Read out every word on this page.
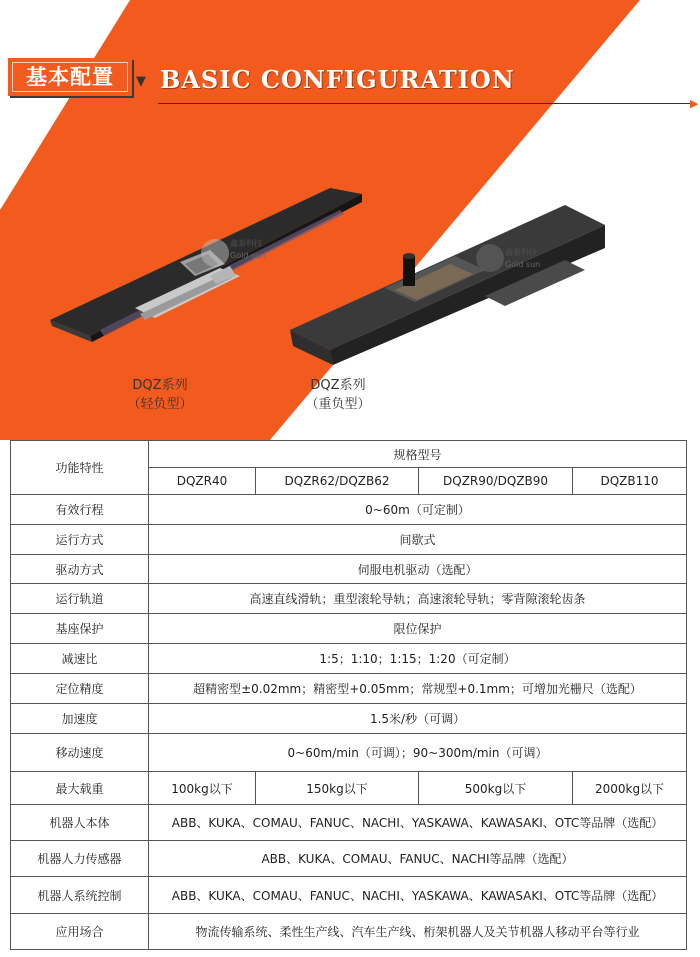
基本配置	▼ BASIC CONFIGURATION
▶
鑫泰科技
Gold sun
DQZ系列
（轻负型）
鑫泰科技
Gold sun
DQZ系列
（重负型）
功能特性	规格型号			
	DQZR40	DQZR62/DQZB62	DQZR90/DQZB90	DQZB110
有效行程	0~60m（可定制）			
运行方式	间歇式			
驱动方式	伺服电机驱动（选配）			
运行轨道	高速直线滑轨；重型滚轮导轨；高速滚轮导轨；零背隙滚轮齿条			
基座保护	限位保护			
减速比	1:5；1:10；1:15；1:20（可定制）			
定位精度	超精密型±0.02mm；精密型+0.05mm；常规型+0.1mm；可增加光栅尺（选配）			
加速度	1.5米/秒（可调）			
移动速度	0~60m/min（可调）；90~300m/min（可调）			
最大载重	100kg以下	150kg以下	500kg以下	2000kg以下
机器人本体	ABB、KUKA、COMAU、FANUC、NACHI、YASKAWA、KAWASAKI、OTC等品牌（选配）			
机器人力传感器	ABB、KUKA、COMAU、FANUC、NACHI等品牌（选配）			
机器人系统控制	ABB、KUKA、COMAU、FANUC、NACHI、YASKAWA、KAWASAKI、OTC等品牌（选配）			
应用场合	物流传输系统、柔性生产线、汽车生产线、桁架机器人及关节机器人移动平台等行业			
